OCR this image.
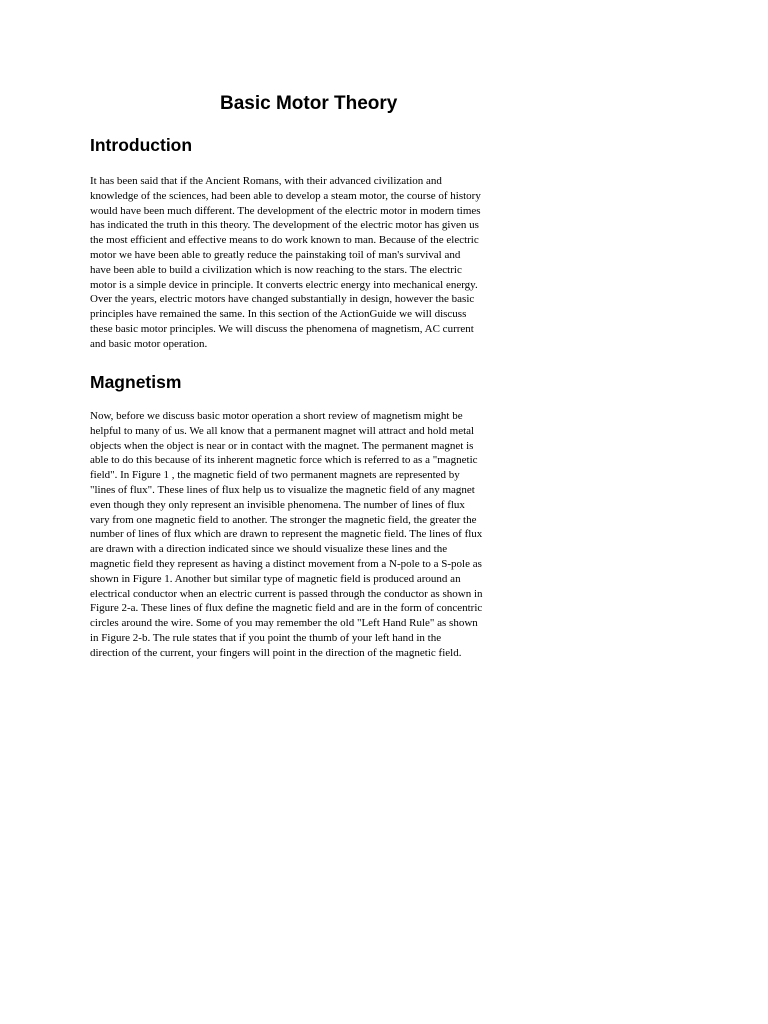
Basic Motor Theory
Introduction
It has been said that if the Ancient Romans, with their advanced civilization and
knowledge of the sciences, had been able to develop a steam motor, the course of history
would have been much different. The development of the electric motor in modern times
has indicated the truth in this theory. The development of the electric motor has given us
the most efficient and effective means to do work known to man. Because of the electric
motor we have been able to greatly reduce the painstaking toil of man's survival and
have been able to build a civilization which is now reaching to the stars. The electric
motor is a simple device in principle. It converts electric energy into mechanical energy.
Over the years, electric motors have changed substantially in design, however the basic
principles have remained the same. In this section of the ActionGuide we will discuss
these basic motor principles. We will discuss the phenomena of magnetism, AC current
and basic motor operation.
Magnetism
Now, before we discuss basic motor operation a short review of magnetism might be
helpful to many of us. We all know that a permanent magnet will attract and hold metal
objects when the object is near or in contact with the magnet. The permanent magnet is
able to do this because of its inherent magnetic force which is referred to as a "magnetic
field". In Figure 1 , the magnetic field of two permanent magnets are represented by
"lines of flux". These lines of flux help us to visualize the magnetic field of any magnet
even though they only represent an invisible phenomena. The number of lines of flux
vary from one magnetic field to another. The stronger the magnetic field, the greater the
number of lines of flux which are drawn to represent the magnetic field. The lines of flux
are drawn with a direction indicated since we should visualize these lines and the
magnetic field they represent as having a distinct movement from a N-pole to a S-pole as
shown in Figure 1. Another but similar type of magnetic field is produced around an
electrical conductor when an electric current is passed through the conductor as shown in
Figure 2-a. These lines of flux define the magnetic field and are in the form of concentric
circles around the wire. Some of you may remember the old "Left Hand Rule" as shown
in Figure 2-b. The rule states that if you point the thumb of your left hand in the
direction of the current, your fingers will point in the direction of the magnetic field.
